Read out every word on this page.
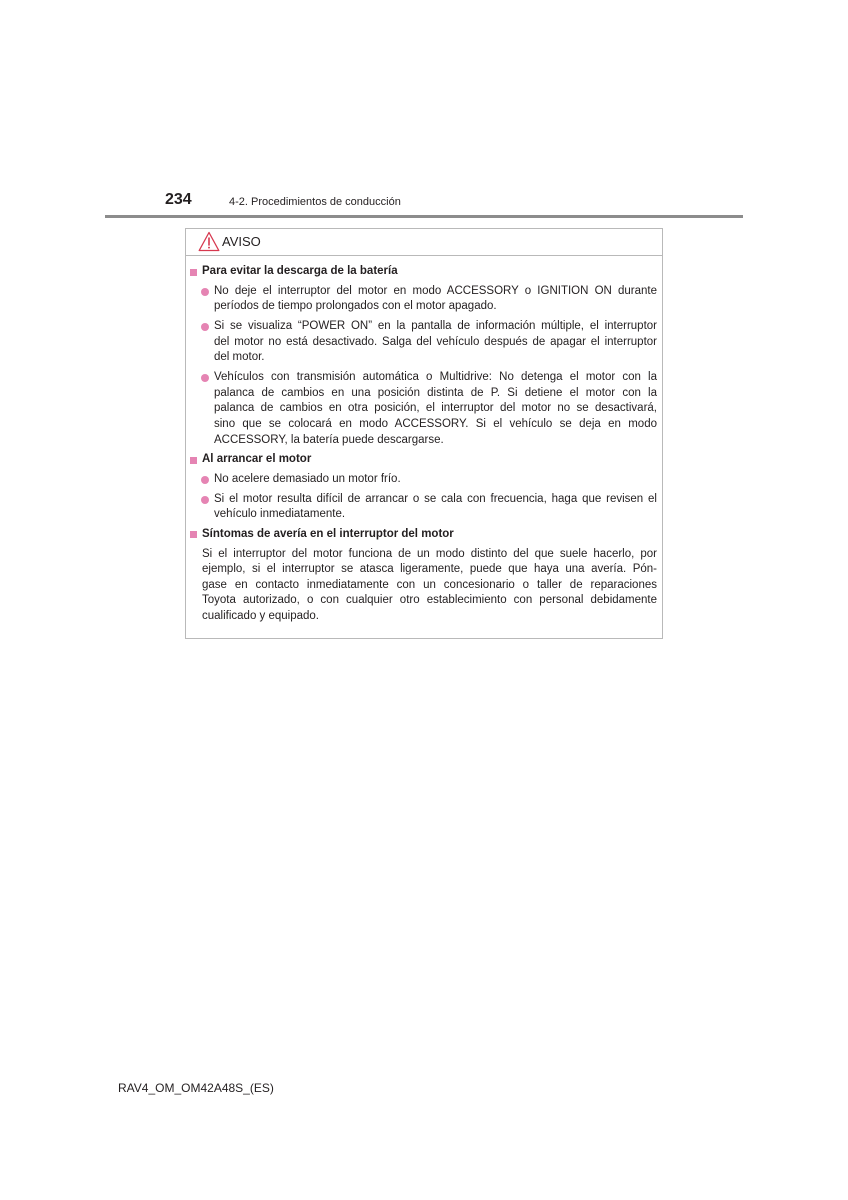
234	4-2. Procedimientos de conducción
AVISO
Para evitar la descarga de la batería
No deje el interruptor del motor en modo ACCESSORY o IGNITION ON durante
períodos de tiempo prolongados con el motor apagado.
Si se visualiza “POWER ON” en la pantalla de información múltiple, el interruptor
del motor no está desactivado. Salga del vehículo después de apagar el interruptor
del motor.
Vehículos con transmisión automática o Multidrive: No detenga el motor con la
palanca de cambios en una posición distinta de P. Si detiene el motor con la
palanca de cambios en otra posición, el interruptor del motor no se desactivará,
sino que se colocará en modo ACCESSORY. Si el vehículo se deja en modo
ACCESSORY, la batería puede descargarse.
Al arrancar el motor
No acelere demasiado un motor frío.
Si el motor resulta difícil de arrancar o se cala con frecuencia, haga que revisen el
vehículo inmediatamente.
Síntomas de avería en el interruptor del motor
Si el interruptor del motor funciona de un modo distinto del que suele hacerlo, por
ejemplo, si el interruptor se atasca ligeramente, puede que haya una avería. Pón-
gase en contacto inmediatamente con un concesionario o taller de reparaciones
Toyota autorizado, o con cualquier otro establecimiento con personal debidamente
cualificado y equipado.
RAV4_OM_OM42A48S_(ES)
